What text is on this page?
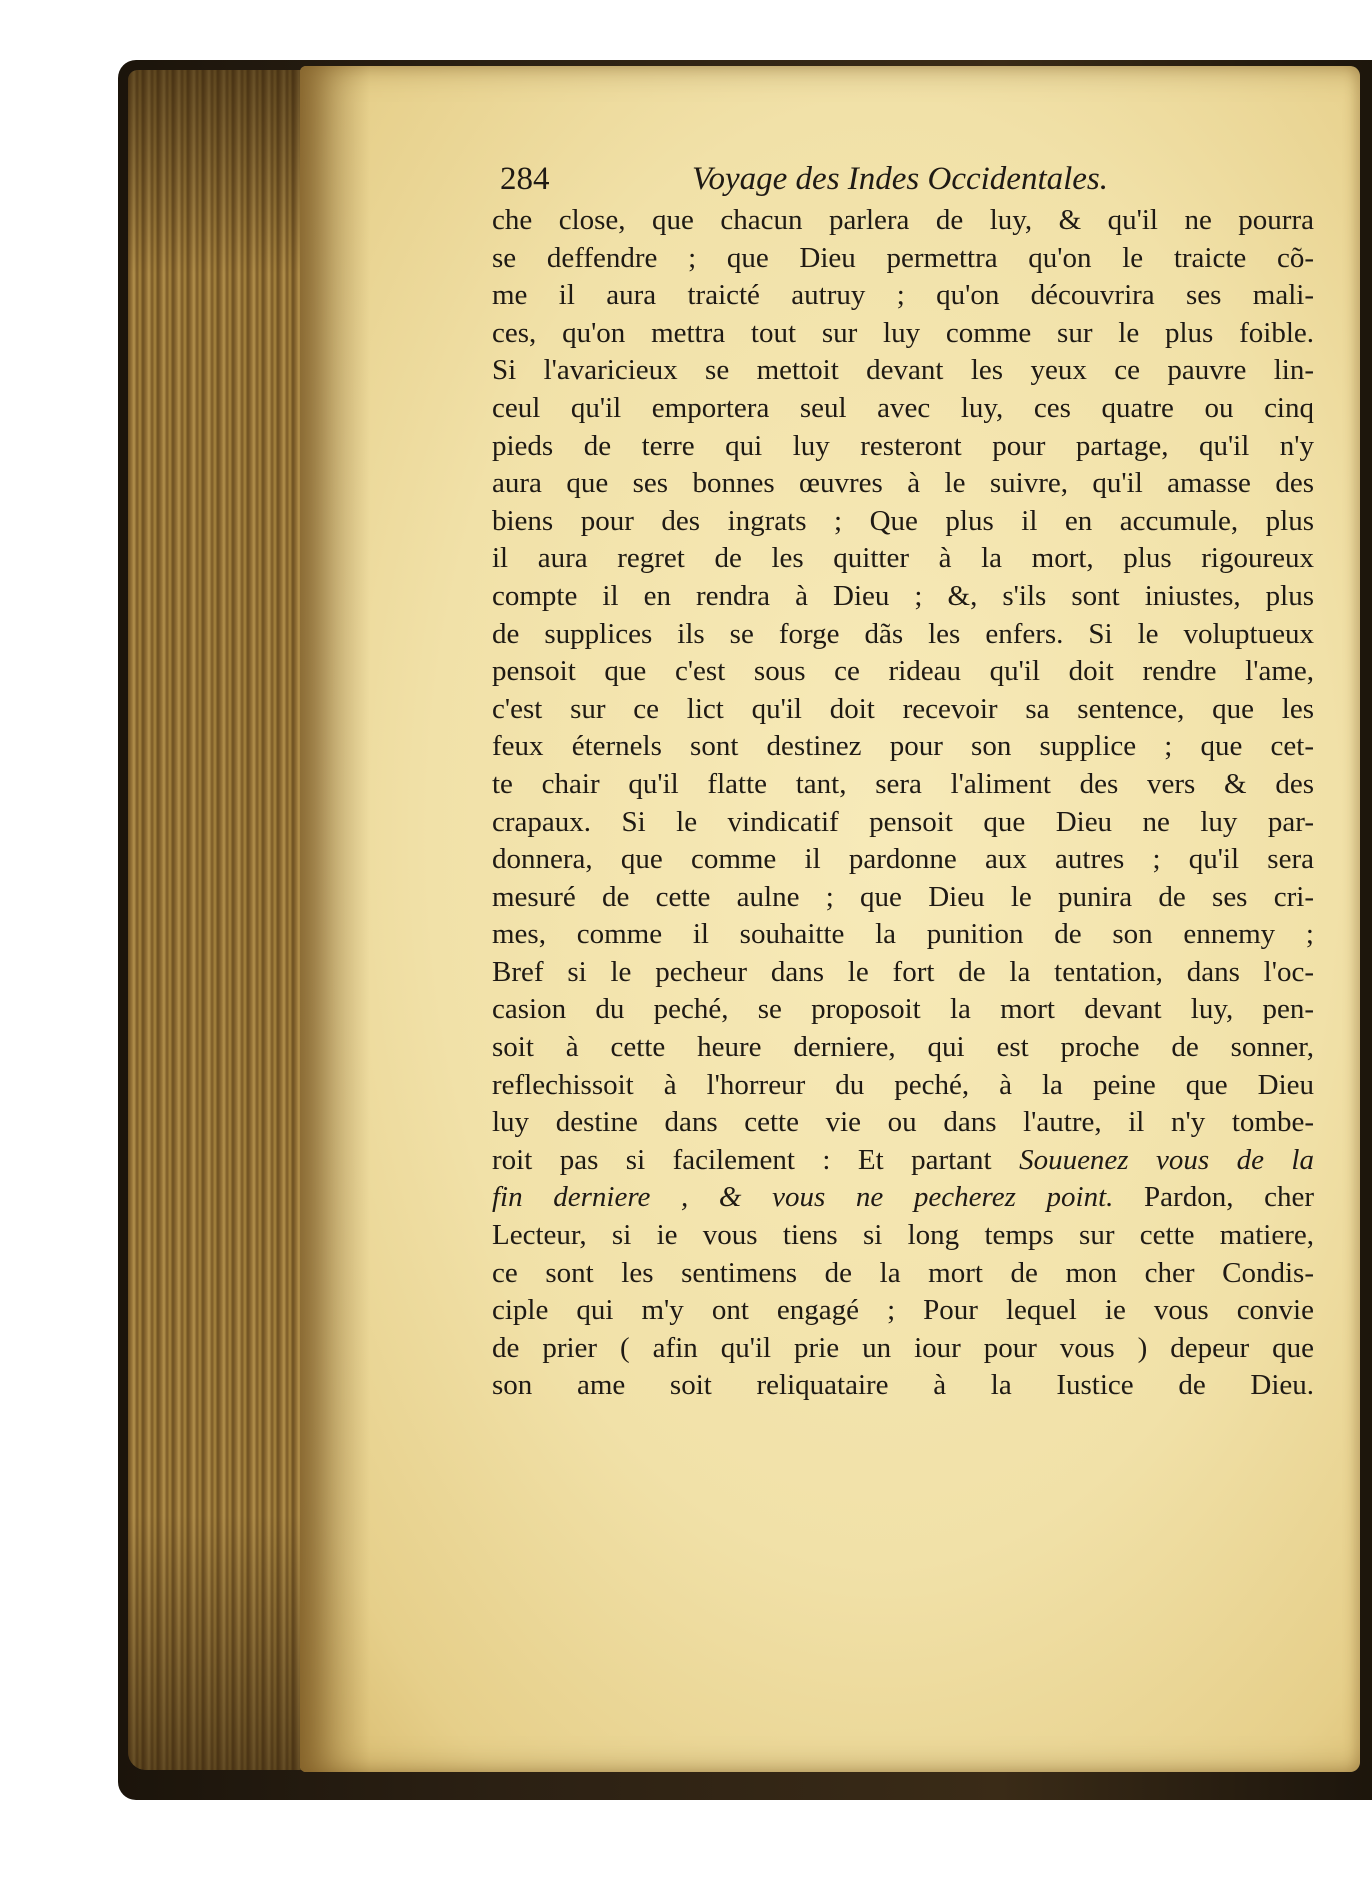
284	Voyage des Indes Occidentales.
che close, que chacun parlera de luy, & qu'il ne pourra
se deffendre ; que Dieu permettra qu'on le traicte cõ-
me il aura traicté autruy ; qu'on découvrira ses mali-
ces, qu'on mettra tout sur luy comme sur le plus foible.
Si l'avaricieux se mettoit devant les yeux ce pauvre lin-
ceul qu'il emportera seul avec luy, ces quatre ou cinq
pieds de terre qui luy resteront pour partage, qu'il n'y
aura que ses bonnes œuvres à le suivre, qu'il amasse des
biens pour des ingrats ; Que plus il en accumule, plus
il aura regret de les quitter à la mort, plus rigoureux
compte il en rendra à Dieu ; &, s'ils sont iniustes, plus
de supplices ils se forge dãs les enfers. Si le voluptueux
pensoit que c'est sous ce rideau qu'il doit rendre l'ame,
c'est sur ce lict qu'il doit recevoir sa sentence, que les
feux éternels sont destinez pour son supplice ; que cet-
te chair qu'il flatte tant, sera l'aliment des vers & des
crapaux. Si le vindicatif pensoit que Dieu ne luy par-
donnera, que comme il pardonne aux autres ; qu'il sera
mesuré de cette aulne ; que Dieu le punira de ses cri-
mes, comme il souhaitte la punition de son ennemy ;
Bref si le pecheur dans le fort de la tentation, dans l'oc-
casion du peché, se proposoit la mort devant luy, pen-
soit à cette heure derniere, qui est proche de sonner,
reflechissoit à l'horreur du peché, à la peine que Dieu
luy destine dans cette vie ou dans l'autre, il n'y tombe-
roit pas si facilement : Et partant Souuenez vous de la
fin derniere , & vous ne pecherez point. Pardon, cher
Lecteur, si ie vous tiens si long temps sur cette matiere,
ce sont les sentimens de la mort de mon cher Condis-
ciple qui m'y ont engagé ; Pour lequel ie vous convie
de prier ( afin qu'il prie un iour pour vous ) depeur que
son ame soit reliquataire à la Iustice de Dieu.
